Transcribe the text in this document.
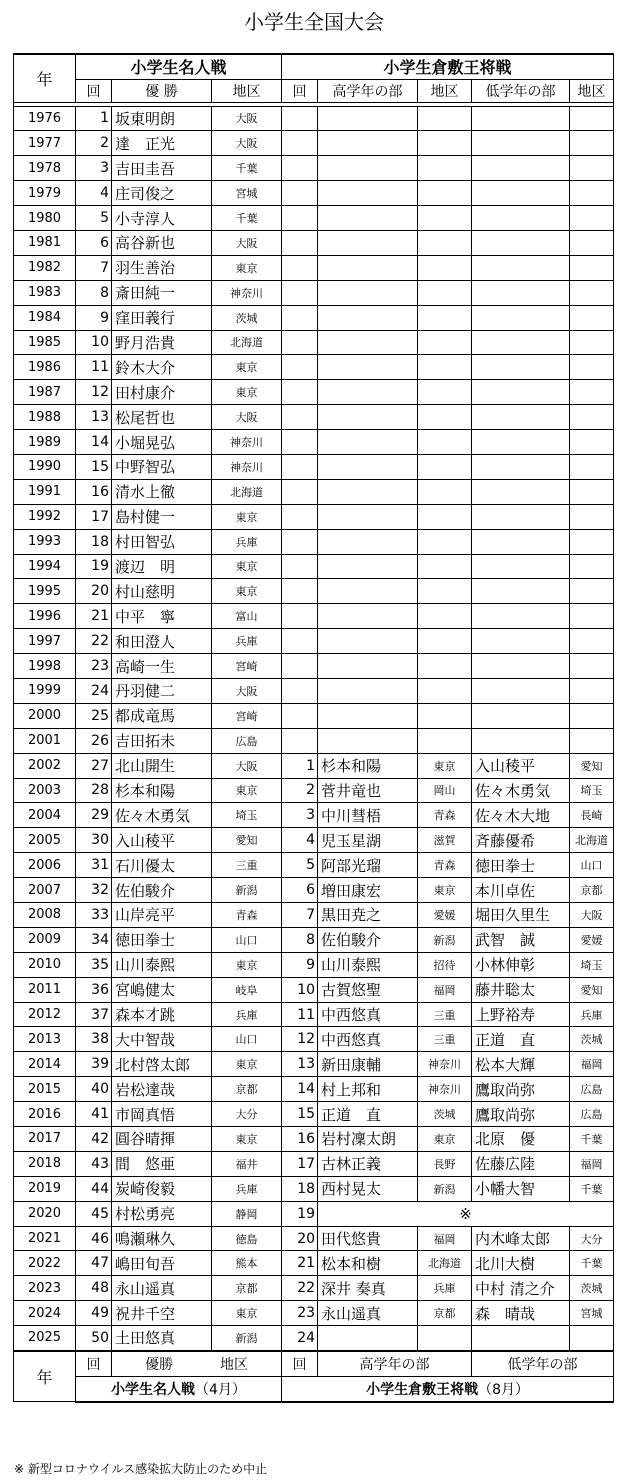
小学生全国大会
年	小学生名人戦			小学生倉敷王将戦				
	回	優 勝	地区	回	高学年の部	地区	低学年の部	地区

1976	1	坂東明朗	大阪					
1977	2	達　正光	大阪					
1978	3	吉田圭吾	千葉					
1979	4	庄司俊之	宮城					
1980	5	小寺淳人	千葉					
1981	6	高谷新也	大阪					
1982	7	羽生善治	東京					
1983	8	斎田純一	神奈川					
1984	9	窪田義行	茨城					
1985	10	野月浩貴	北海道					
1986	11	鈴木大介	東京					
1987	12	田村康介	東京					
1988	13	松尾哲也	大阪					
1989	14	小堀晃弘	神奈川					
1990	15	中野智弘	神奈川					
1991	16	清水上徹	北海道					
1992	17	島村健一	東京					
1993	18	村田智弘	兵庫					
1994	19	渡辺　明	東京					
1995	20	村山慈明	東京					
1996	21	中平　寧	富山					
1997	22	和田澄人	兵庫					
1998	23	高崎一生	宮崎					
1999	24	丹羽健二	大阪					
2000	25	都成竜馬	宮崎					
2001	26	吉田拓未	広島					
2002	27	北山開生	大阪	1	杉本和陽	東京	入山稜平	愛知
2003	28	杉本和陽	東京	2	菅井竜也	岡山	佐々木勇気	埼玉
2004	29	佐々木勇気	埼玉	3	中川彗梧	青森	佐々木大地	長崎
2005	30	入山稜平	愛知	4	児玉星湖	滋賀	斉藤優希	北海道
2006	31	石川優太	三重	5	阿部光瑠	青森	徳田拳士	山口
2007	32	佐伯駿介	新潟	6	増田康宏	東京	本川卓佐	京都
2008	33	山岸亮平	青森	7	黒田尭之	愛媛	堀田久里生	大阪
2009	34	徳田拳士	山口	8	佐伯駿介	新潟	武智　誠	愛媛
2010	35	山川泰熙	東京	9	山川泰熙	招待	小林伸彰	埼玉
2011	36	宮嶋健太	岐阜	10	古賀悠聖	福岡	藤井聡太	愛知
2012	37	森本才跳	兵庫	11	中西悠真	三重	上野裕寿	兵庫
2013	38	大中智哉	山口	12	中西悠真	三重	正道　直	茨城
2014	39	北村啓太郎	東京	13	新田康輔	神奈川	松本大輝	福岡
2015	40	岩松達哉	京都	14	村上邦和	神奈川	鷹取尚弥	広島
2016	41	市岡真悟	大分	15	正道　直	茨城	鷹取尚弥	広島
2017	42	圓谷晴揮	東京	16	岩村凜太朗	東京	北原　優	千葉
2018	43	間　悠亜	福井	17	古林正義	長野	佐藤広陸	福岡
2019	44	炭崎俊毅	兵庫	18	西村晃太	新潟	小幡大智	千葉
2020	45	村松勇亮	静岡	19	※			
2021	46	鳴瀬琳久	徳島	20	田代悠貴	福岡	内木峰太郎	大分
2022	47	嶋田旬吾	熊本	21	松本和樹	北海道	北川大樹	千葉
2023	48	永山遥真	京都	22	深井 奏真	兵庫	中村 清之介	茨城
2024	49	祝井千空	東京	23	永山遥真	京都	森　晴哉	宮城
2025	50	土田悠真	新潟	24				
年	回	優勝 地区		回	高学年の部		低学年の部	
	小学生名人戦（4月）			小学生倉敷王将戦（8月）				
※ 新型コロナウイルス感染拡大防止のため中止
